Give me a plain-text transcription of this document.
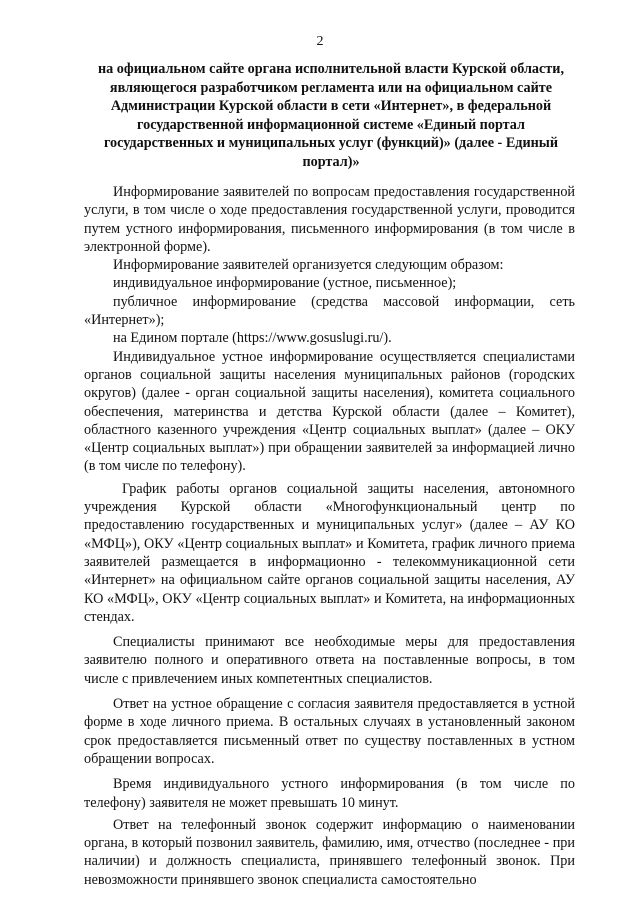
2
на официальном сайте органа исполнительной власти Курской области, являющегося разработчиком регламента или на официальном сайте Администрации Курской области в сети «Интернет», в федеральной государственной информационной системе «Единый портал государственных и муниципальных услуг (функций)» (далее - Единый портал)»

Информирование заявителей по вопросам предоставления государственной услуги, в том числе о ходе предоставления государственной услуги, проводится путем устного информирования, письменного информирования (в том числе в электронной форме).

Информирование заявителей организуется следующим образом:

индивидуальное информирование (устное, письменное);

публичное информирование (средства массовой информации, сеть «Интернет»);

на Едином портале (https://www.gosuslugi.ru/).

Индивидуальное устное информирование осуществляется специалистами органов социальной защиты населения муниципальных районов (городских округов) (далее - орган социальной защиты населения), комитета социального обеспечения, материнства и детства Курской области (далее – Комитет), областного казенного учреждения «Центр социальных выплат» (далее – ОКУ «Центр социальных выплат») при обращении заявителей за информацией лично (в том числе по телефону).

График работы органов социальной защиты населения, автономного учреждения Курской области «Многофункциональный центр по предоставлению государственных и муниципальных услуг» (далее – АУ КО «МФЦ»), ОКУ «Центр социальных выплат» и Комитета, график личного приема заявителей размещается в информационно - телекоммуникационной сети «Интернет» на официальном сайте органов социальной защиты населения, АУ КО «МФЦ», ОКУ «Центр социальных выплат» и Комитета, на информационных стендах.

Специалисты принимают все необходимые меры для предоставления заявителю полного и оперативного ответа на поставленные вопросы, в том числе с привлечением иных компетентных специалистов.

Ответ на устное обращение с согласия заявителя предоставляется в устной форме в ходе личного приема. В остальных случаях в установленный законом срок предоставляется письменный ответ по существу поставленных в устном обращении вопросах.

Время индивидуального устного информирования (в том числе по телефону) заявителя не может превышать 10 минут.

Ответ на телефонный звонок содержит информацию о наименовании органа, в который позвонил заявитель, фамилию, имя, отчество (последнее - при наличии) и должность специалиста, принявшего телефонный звонок. При невозможности принявшего звонок специалиста самостоятельно
